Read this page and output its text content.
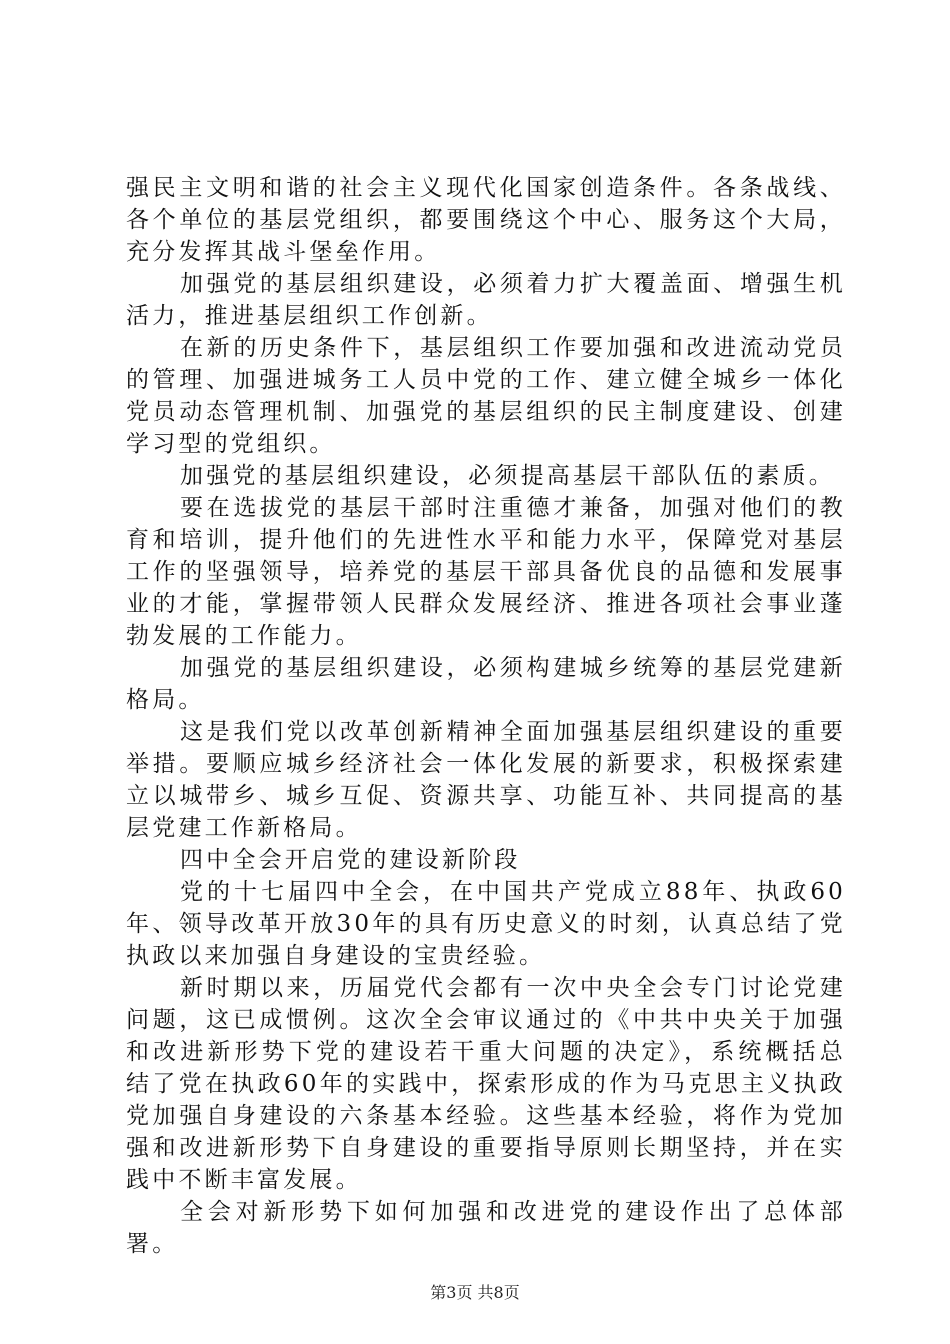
强民主文明和谐的社会主义现代化国家创造条件。各条战线、各个单位的基层党组织，都要围绕这个中心、服务这个大局，充分发挥其战斗堡垒作用。

加强党的基层组织建设，必须着力扩大覆盖面、增强生机活力，推进基层组织工作创新。

在新的历史条件下，基层组织工作要加强和改进流动党员的管理、加强进城务工人员中党的工作、建立健全城乡一体化党员动态管理机制、加强党的基层组织的民主制度建设、创建学习型的党组织。

加强党的基层组织建设，必须提高基层干部队伍的素质。

要在选拔党的基层干部时注重德才兼备，加强对他们的教育和培训，提升他们的先进性水平和能力水平，保障党对基层工作的坚强领导，培养党的基层干部具备优良的品德和发展事业的才能，掌握带领人民群众发展经济、推进各项社会事业蓬勃发展的工作能力。

加强党的基层组织建设，必须构建城乡统筹的基层党建新格局。

这是我们党以改革创新精神全面加强基层组织建设的重要举措。要顺应城乡经济社会一体化发展的新要求，积极探索建立以城带乡、城乡互促、资源共享、功能互补、共同提高的基层党建工作新格局。

四中全会开启党的建设新阶段

党的十七届四中全会，在中国共产党成立88年、执政60年、领导改革开放30年的具有历史意义的时刻，认真总结了党执政以来加强自身建设的宝贵经验。

新时期以来，历届党代会都有一次中央全会专门讨论党建问题，这已成惯例。这次全会审议通过的《中共中央关于加强和改进新形势下党的建设若干重大问题的决定》，系统概括总结了党在执政60年的实践中，探索形成的作为马克思主义执政党加强自身建设的六条基本经验。这些基本经验，将作为党加强和改进新形势下自身建设的重要指导原则长期坚持，并在实践中不断丰富发展。

全会对新形势下如何加强和改进党的建设作出了总体部署。

第3页 共8页
